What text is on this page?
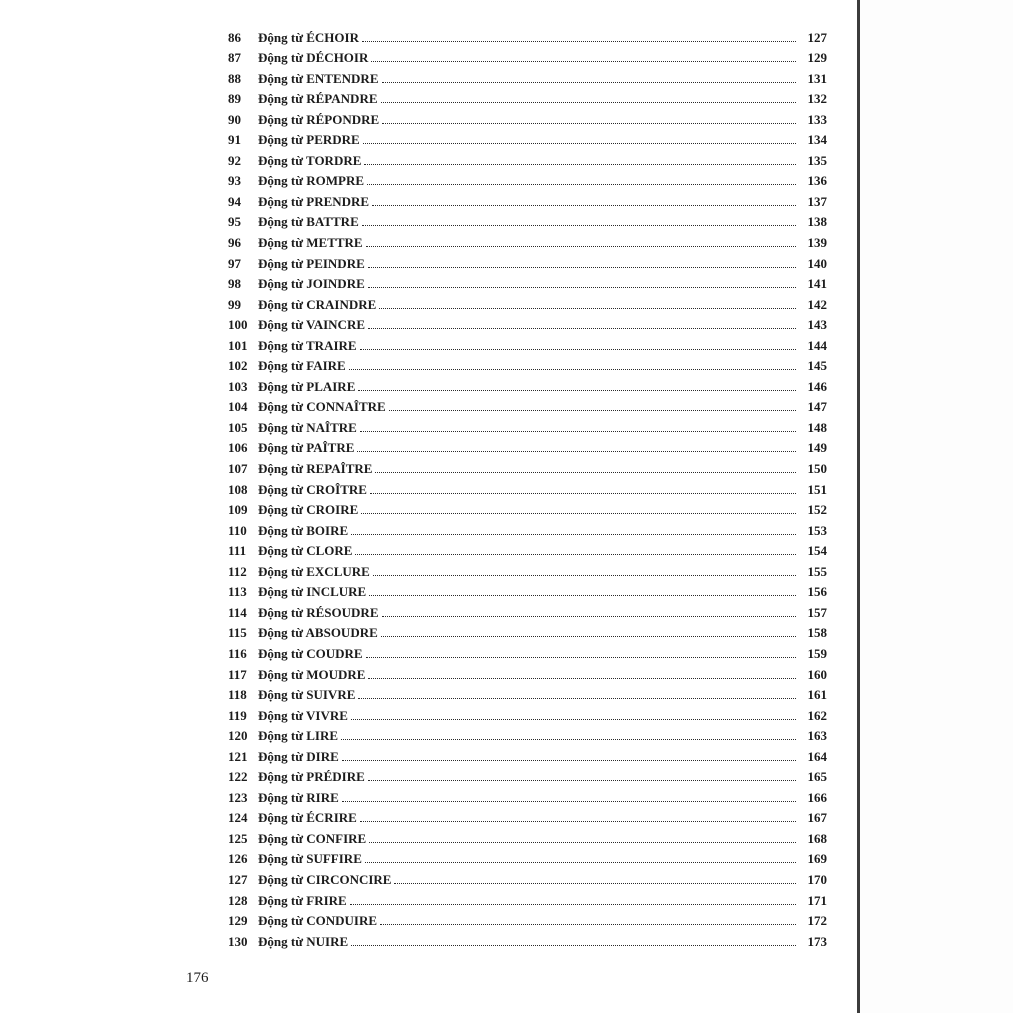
86	Động từ ÉCHOIR	127
87	Động từ DÉCHOIR	129
88	Động từ ENTENDRE	131
89	Động từ RÉPANDRE	132
90	Động từ RÉPONDRE	133
91	Động từ PERDRE	134
92	Động từ TORDRE	135
93	Động từ ROMPRE	136
94	Động từ PRENDRE	137
95	Động từ BATTRE	138
96	Động từ METTRE	139
97	Động từ PEINDRE	140
98	Động từ JOINDRE	141
99	Động từ CRAINDRE	142
100 Động từ VAINCRE	143
101 Động từ TRAIRE	144
102 Động từ FAIRE	145
103 Động từ PLAIRE	146
104 Động từ CONNAÎTRE	147
105 Động từ NAÎTRE	148
106 Động từ PAÎTRE	149
107 Động từ REPAÎTRE	150
108 Động từ CROÎTRE	151
109 Động từ CROIRE	152
110 Động từ BOIRE	153
111 Động từ CLORE	154
112 Động từ EXCLURE	155
113 Động từ INCLURE	156
114 Động từ RÉSOUDRE	157
115 Động từ ABSOUDRE	158
116 Động từ COUDRE	159
117 Động từ MOUDRE	160
118 Động từ SUIVRE	161
119 Động từ VIVRE	162
120 Động từ LIRE	163
121 Động từ DIRE	164
122 Động từ PRÉDIRE	165
123 Động từ RIRE	166
124 Động từ ÉCRIRE	167
125 Động từ CONFIRE	168
126 Động từ SUFFIRE	169
127 Động từ CIRCONCIRE	170
128 Động từ FRIRE	171
129 Động từ CONDUIRE	172
130 Động từ NUIRE	173
176
